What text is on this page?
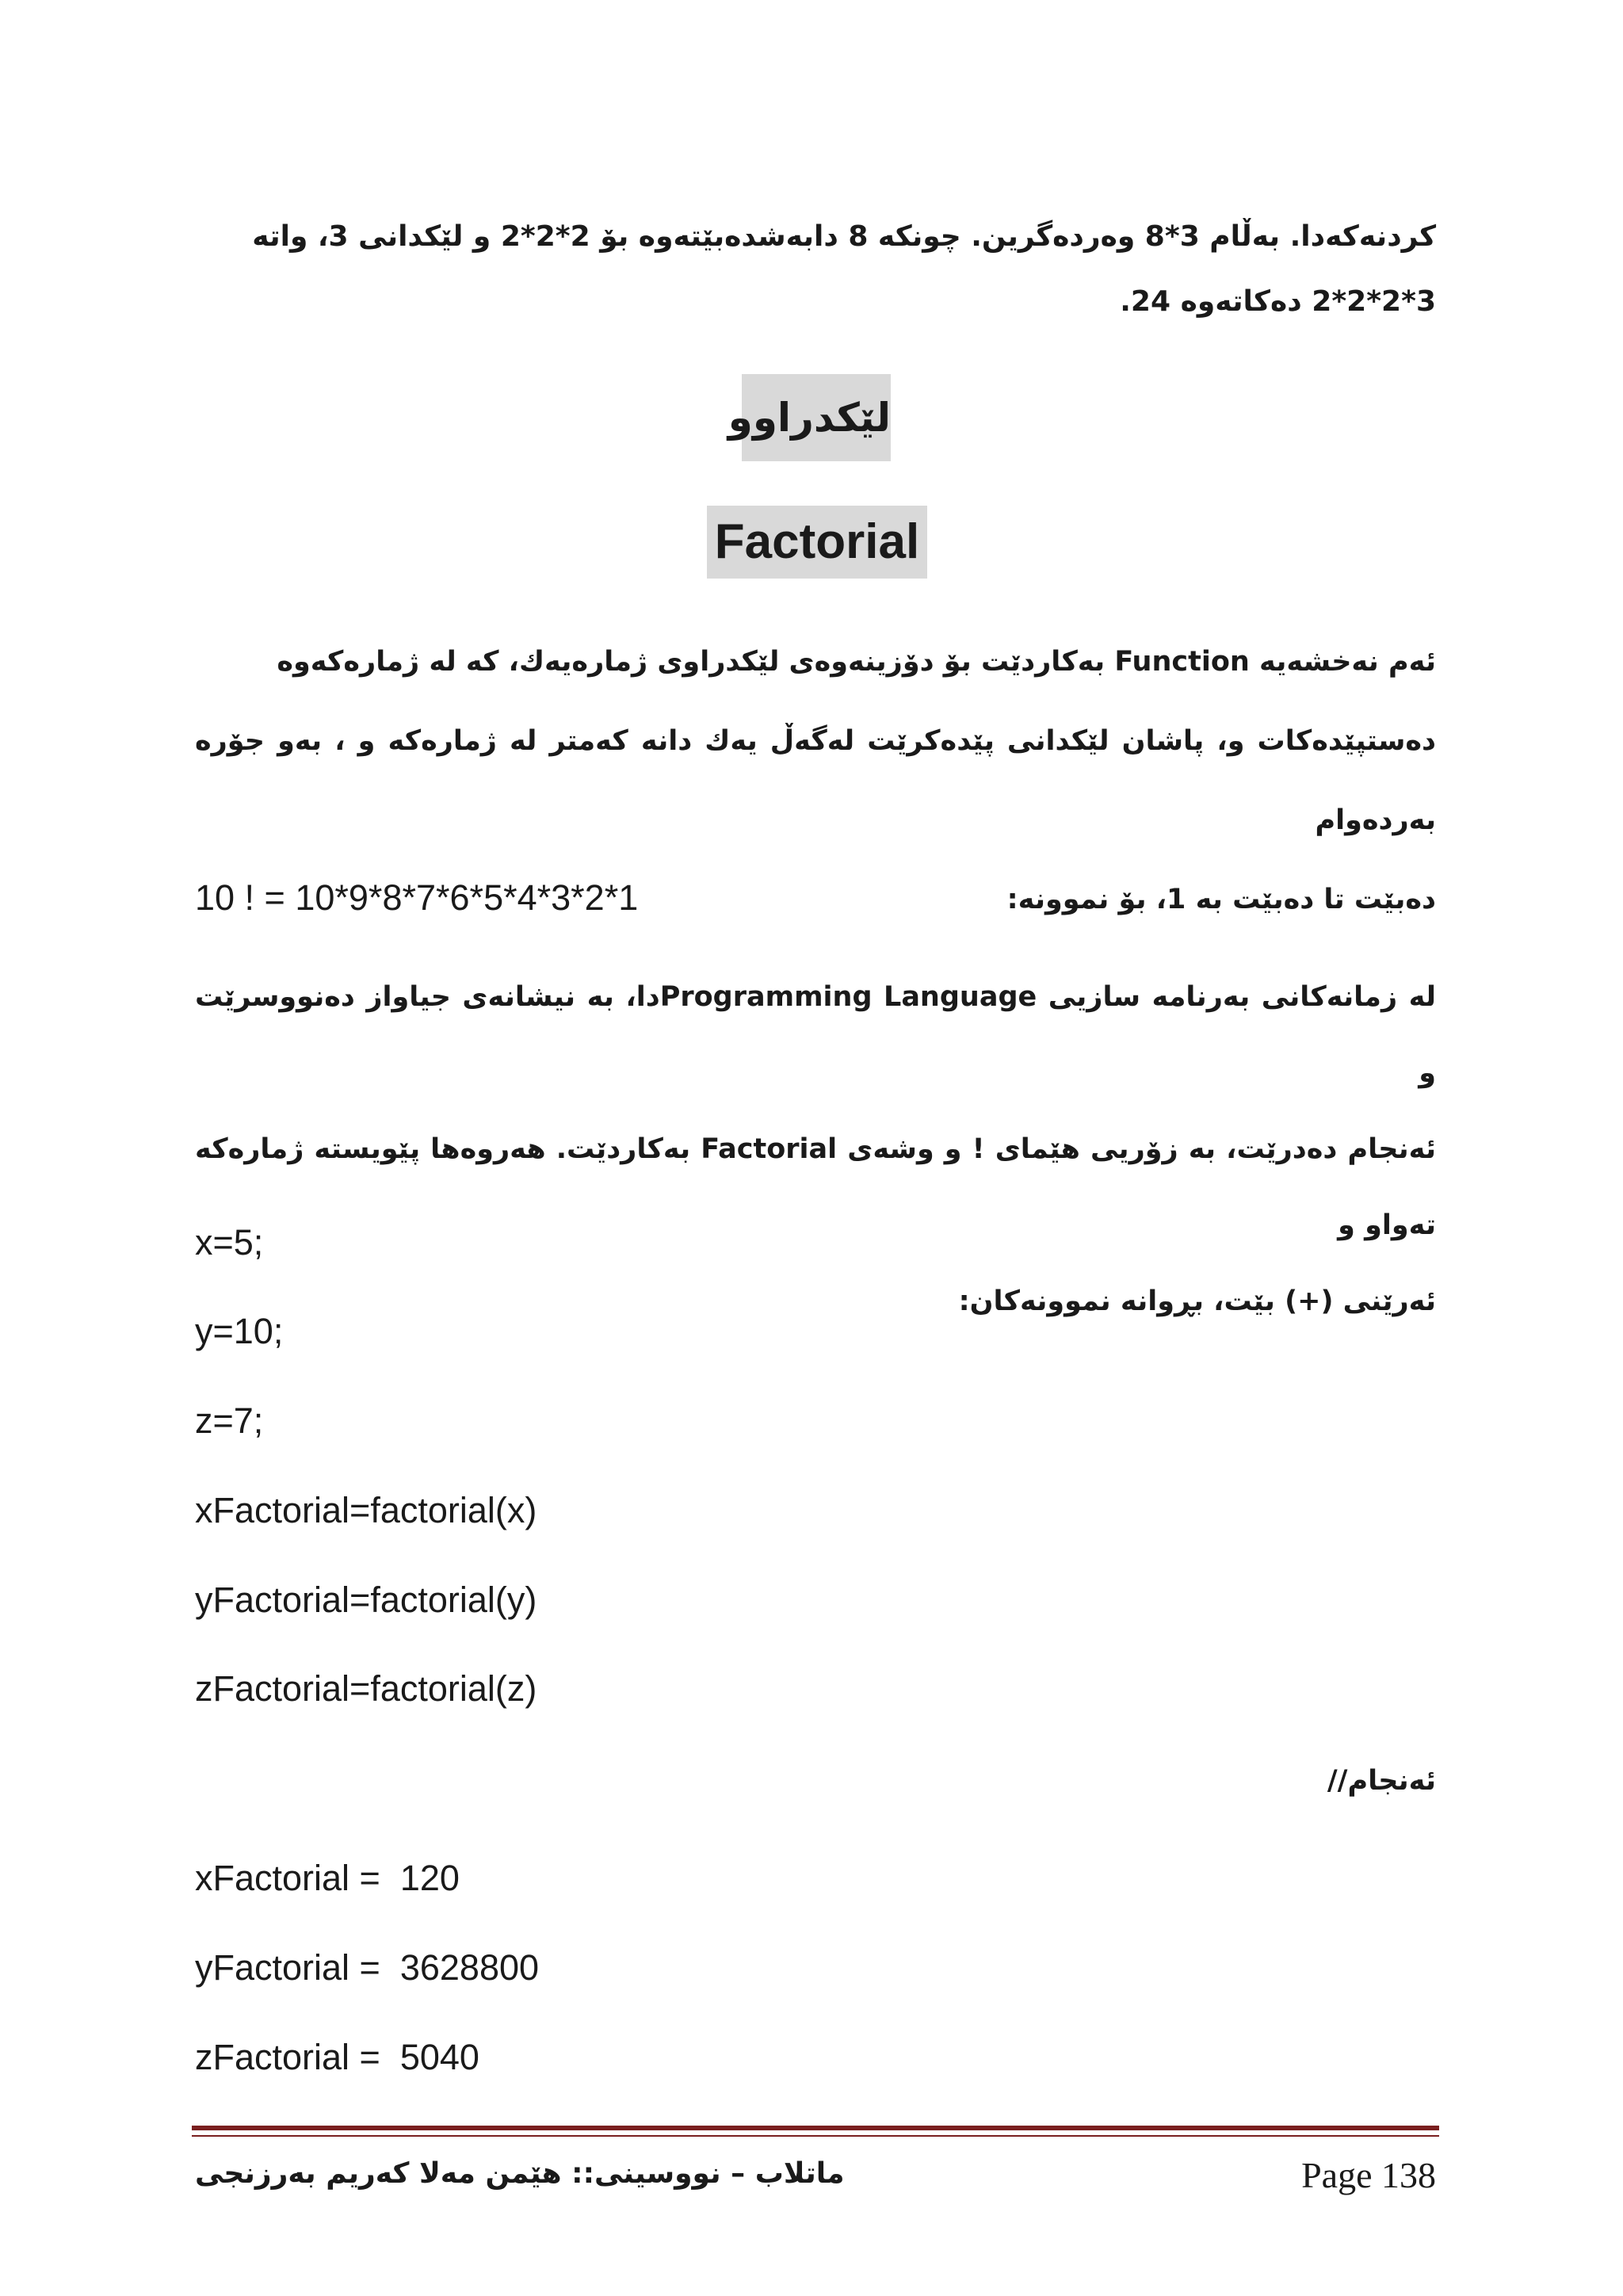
کردنەکەدا. بەڵام 3*8 وەردەگرین. چونکە 8 دابەشدەبێتەوە بۆ 2*2*2 و لێکدانی 3، واتە

3*2*2*2 دەکاتەوە 24.

لێکدراوو
Factorial

ئەم نەخشەیە Function بەکاردێت بۆ دۆزینەوەی لێکدراوی ژمارەیەك، کە لە ژمارەکەوە

دەستپێدەکات و، پاشان لێکدانی پێدەکرێت لەگەڵ یەك دانە کەمتر لە ژمارەکە و ، بەو جۆرە بەردەوام

دەبێت تا دەبێت بە 1، بۆ نموونە:

10 ! = 10*9*8*7*6*5*4*3*2*1

لە زمانەکانی بەرنامە سازیی Programming Languageدا، بە نیشانەی جیاواز دەنووسرێت و

ئەنجام دەدرێت، بە زۆریی هێمای ! و وشەی Factorial بەکاردێت. هەروەها پێویستە ژمارەکە تەواو و

ئەرێنی (+) بێت، بڕوانە نموونەکان:

x=5;
y=10;
z=7;
xFactorial=factorial(x)
yFactorial=factorial(y)
zFactorial=factorial(z)
ئەنجام//
xFactorial =  120
yFactorial =  3628800
zFactorial =  5040
ماتلاب – نووسینی:: هێمن مەلا کەریم بەرزنجی	Page 138
